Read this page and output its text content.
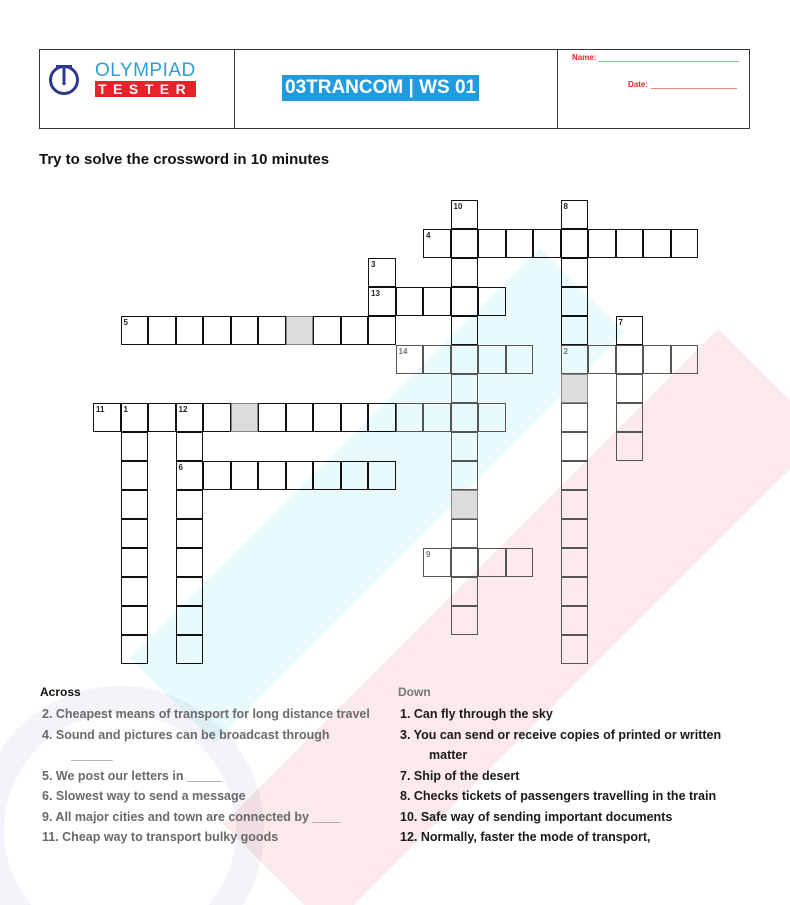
OLYMPIAD
TESTER	03TRANCOM | WS 01
Name:
Date:
Try to solve the crossword in 10 minutes
4
5
13
14	2
11 1	12
6
9
10	8
3
7
Across
2. Cheapest means of transport for long distance travel
4. Sound and pictures can be broadcast through ______
5. We post our letters in _____
6. Slowest way to send a message
9. All major cities and town are connected by ____
11. Cheap way to transport bulky goods
Down
1. Can fly through the sky
3. You can send or receive copies of printed or written matter
7. Ship of the desert
8. Checks tickets of passengers travelling in the train
10. Safe way of sending important documents
12. Normally, faster the mode of transport,
